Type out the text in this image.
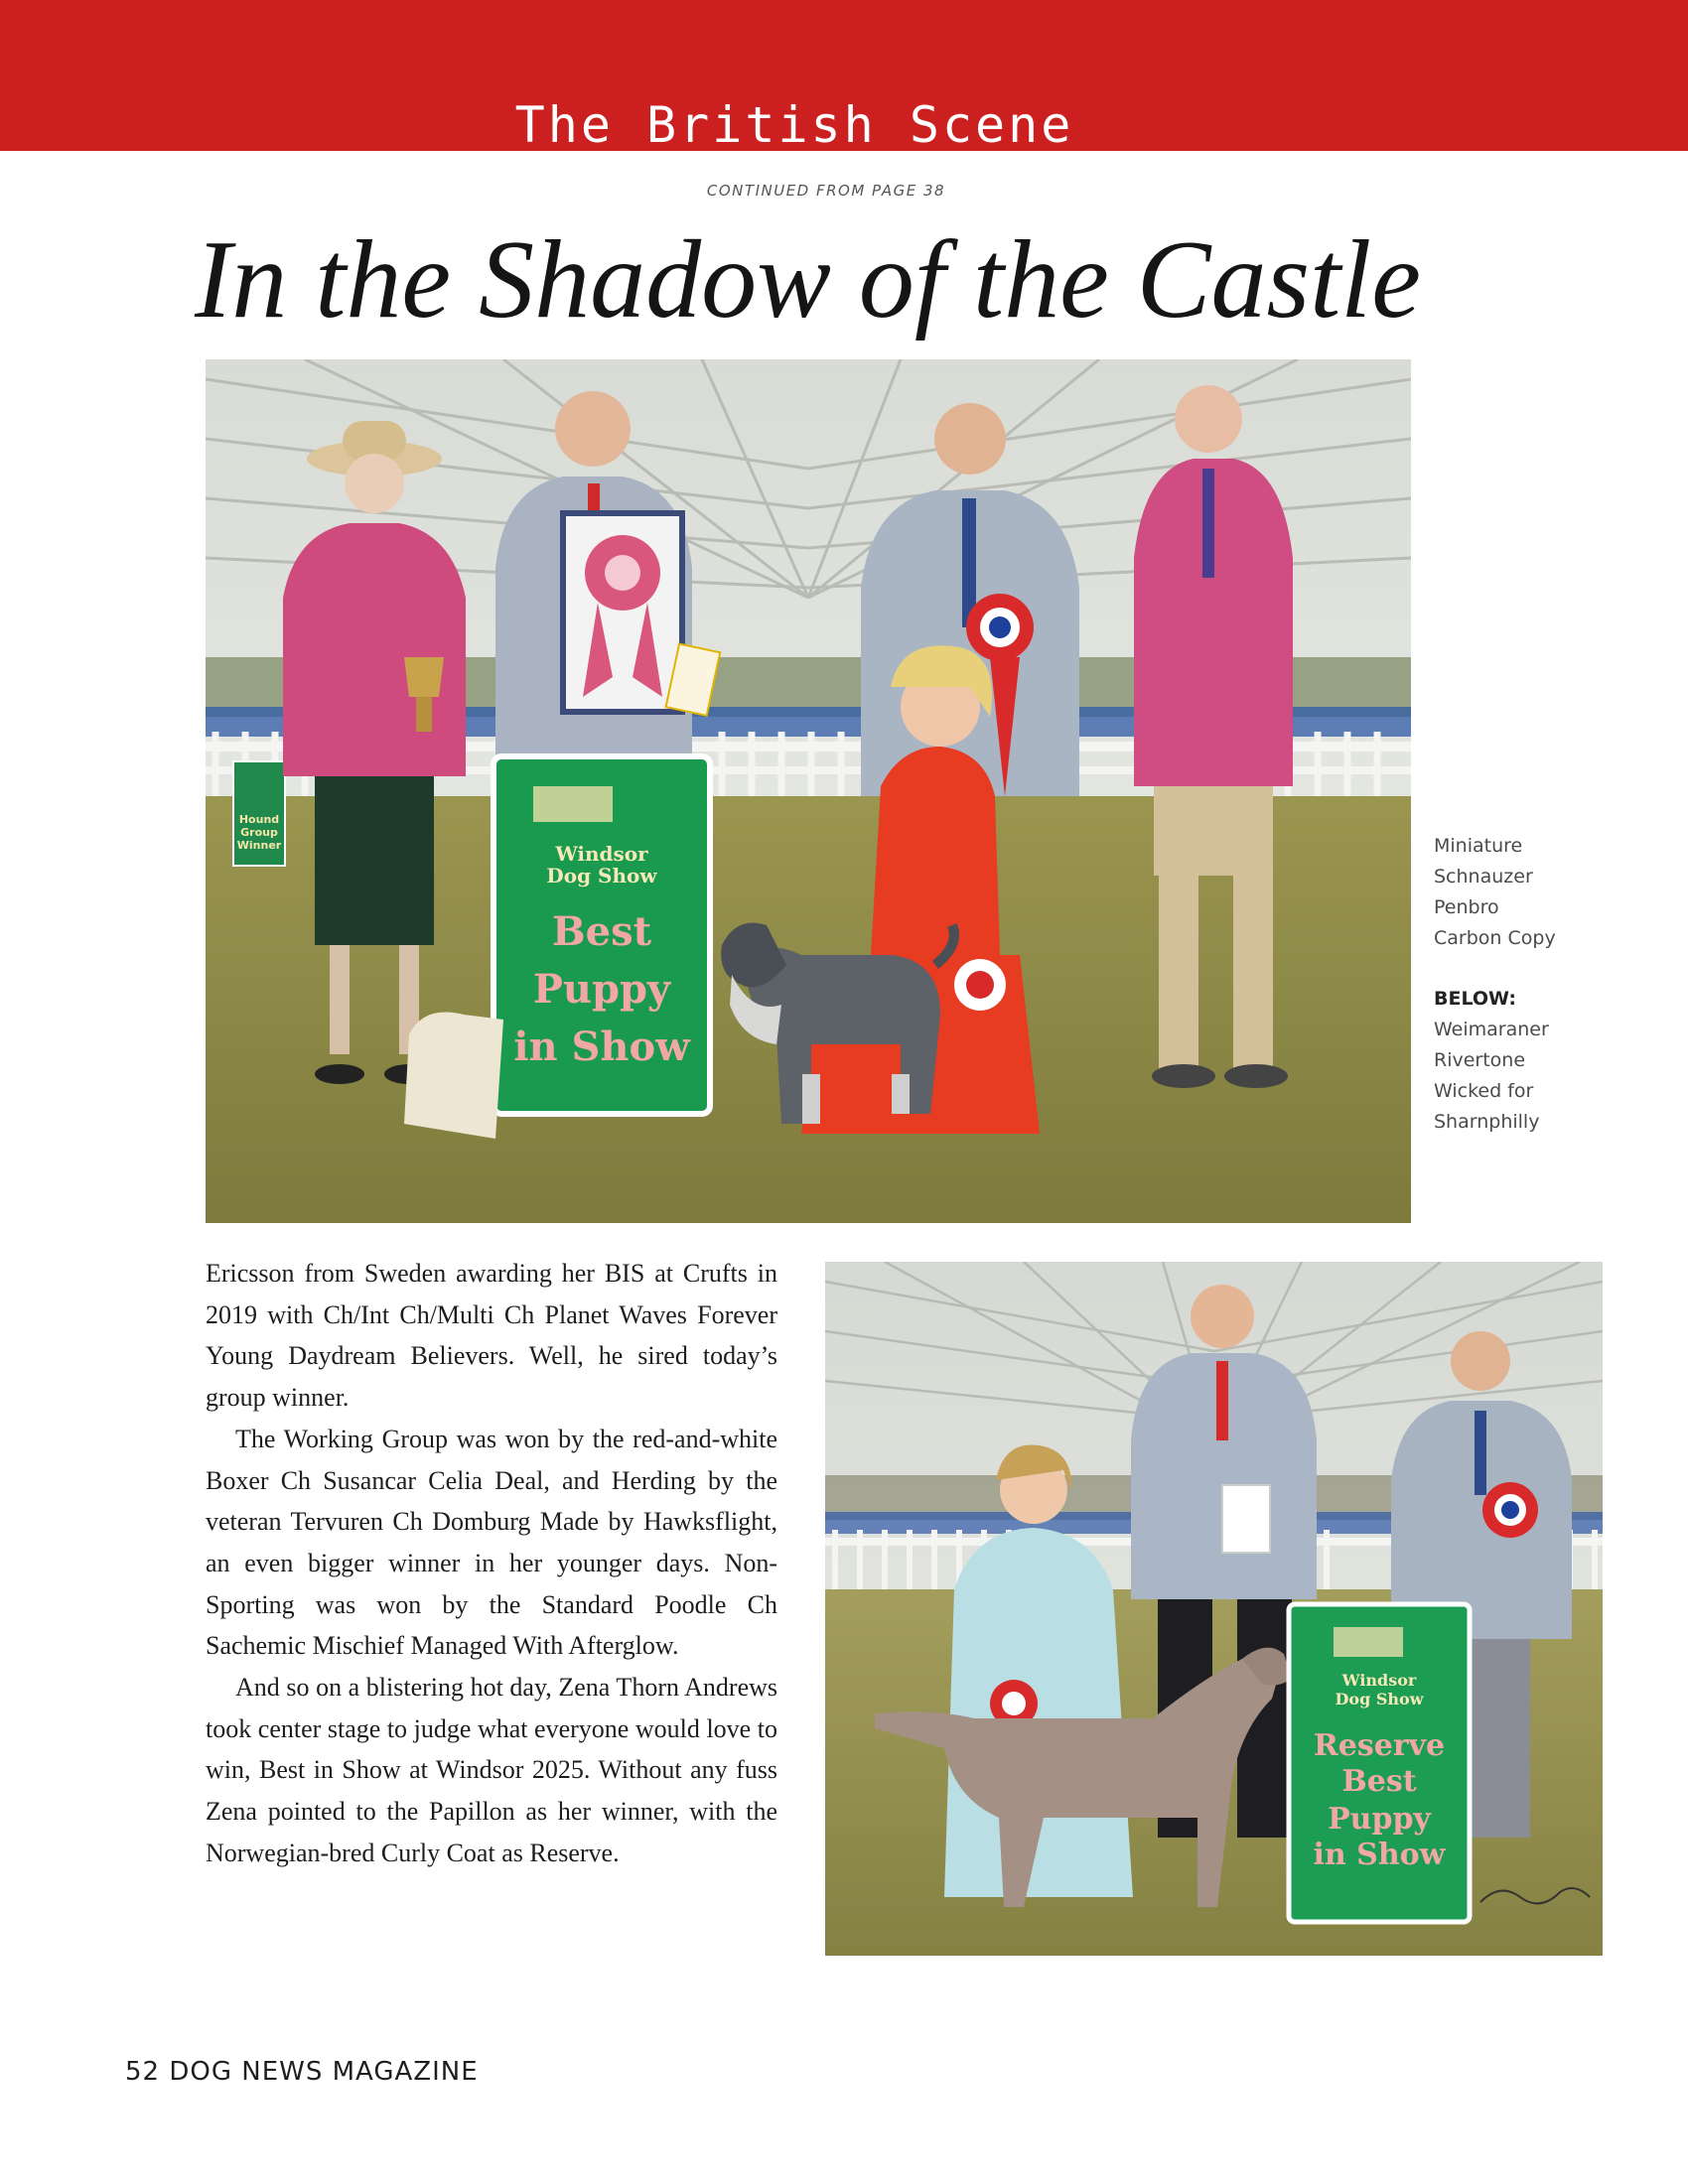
The British Scene
CONTINUED FROM PAGE 38
In the Shadow of the Castle
Hound
Group
Winner	Windsor
Dog Show
Best
Puppy
in Show
Miniature
Schnauzer
Penbro
Carbon Copy
BELOW:
Weimaraner
Rivertone
Wicked for
Sharnphilly

Ericsson from Sweden awarding her BIS at Crufts in 2019 with Ch/Int Ch/Multi Ch Planet Waves Forever Young Daydream Believers. Well, he sired today’s group winner.

The Working Group was won by the red-and-white Boxer Ch Susancar Celia Deal, and Herding by the veteran Tervuren Ch Domburg Made by Hawksflight, an even bigger winner in her younger days. Non-Sporting was won by the Standard Poodle Ch Sachemic Mischief Managed With Afterglow.

And so on a blistering hot day, Zena Thorn Andrews took center stage to judge what everyone would love to win, Best in Show at Windsor 2025. Without any fuss Zena pointed to the Papillon as her winner, with the Norwegian-bred Curly Coat as Reserve.

Windsor
Dog Show
Reserve
Best
Puppy
in Show
52 DOG NEWS MAGAZINE
